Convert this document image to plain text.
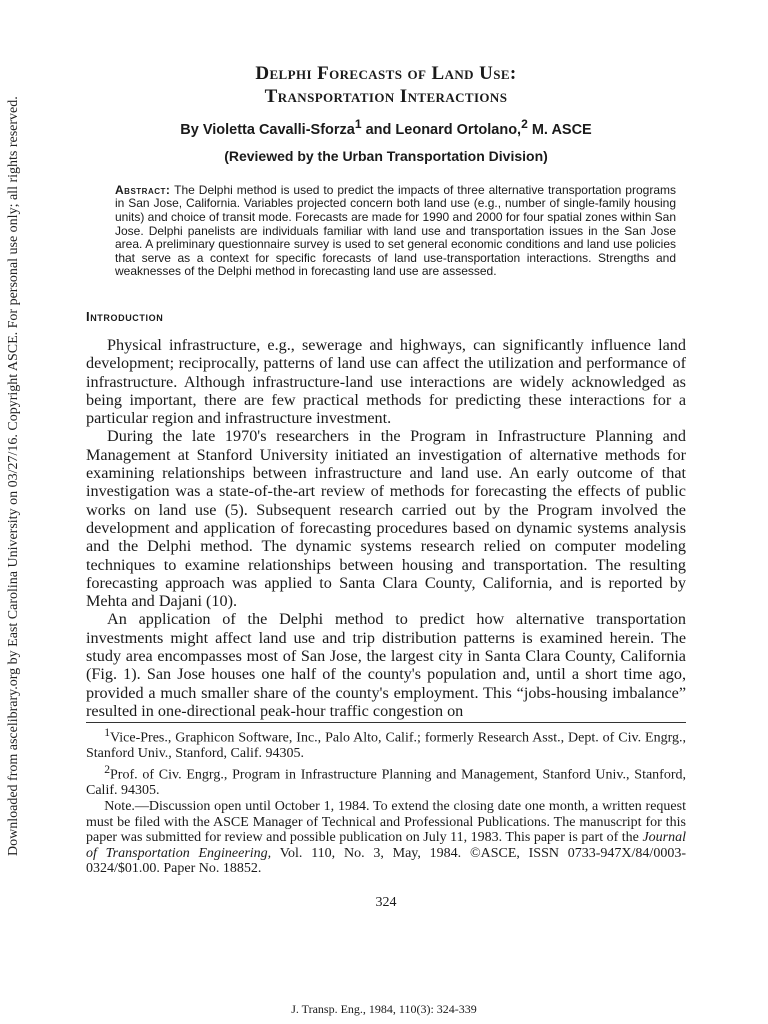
Downloaded from ascelibrary.org by East Carolina University on 03/27/16. Copyright ASCE. For personal use only; all rights reserved.
Delphi Forecasts of Land Use:
Transportation Interactions
By Violetta Cavalli-Sforza$^1$ and Leonard Ortolano,$^2$ M. ASCE
(Reviewed by the Urban Transportation Division)
Abstract: The Delphi method is used to predict the impacts of three alternative transportation programs in San Jose, California. Variables projected concern both land use (e.g., number of single-family housing units) and choice of transit mode. Forecasts are made for 1990 and 2000 for four spatial zones within San Jose. Delphi panelists are individuals familiar with land use and transportation issues in the San Jose area. A preliminary questionnaire survey is used to set general economic conditions and land use policies that serve as a context for specific forecasts of land use-transportation interactions. Strengths and weaknesses of the Delphi method in forecasting land use are assessed.
Introduction

Physical infrastructure, e.g., sewerage and highways, can significantly influence land development; reciprocally, patterns of land use can affect the utilization and performance of infrastructure. Although infrastructure-land use interactions are widely acknowledged as being important, there are few practical methods for predicting these interactions for a particular region and infrastructure investment.

During the late 1970's researchers in the Program in Infrastructure Planning and Management at Stanford University initiated an investigation of alternative methods for examining relationships between infrastructure and land use. An early outcome of that investigation was a state-of-the-art review of methods for forecasting the effects of public works on land use (5). Subsequent research carried out by the Program involved the development and application of forecasting procedures based on dynamic systems analysis and the Delphi method. The dynamic systems research relied on computer modeling techniques to examine relationships between housing and transportation. The resulting forecasting approach was applied to Santa Clara County, California, and is reported by Mehta and Dajani (10).

An application of the Delphi method to predict how alternative transportation investments might affect land use and trip distribution patterns is examined herein. The study area encompasses most of San Jose, the largest city in Santa Clara County, California (Fig. 1). San Jose houses one half of the county's population and, until a short time ago, provided a much smaller share of the county's employment. This “jobs-housing imbalance” resulted in one-directional peak-hour traffic congestion on

$^1$Vice-Pres., Graphicon Software, Inc., Palo Alto, Calif.; formerly Research Asst., Dept. of Civ. Engrg., Stanford Univ., Stanford, Calif. 94305.

$^2$Prof. of Civ. Engrg., Program in Infrastructure Planning and Management, Stanford Univ., Stanford, Calif. 94305.

Note.—Discussion open until October 1, 1984. To extend the closing date one month, a written request must be filed with the ASCE Manager of Technical and Professional Publications. The manuscript for this paper was submitted for review and possible publication on July 11, 1983. This paper is part of the Journal of Transportation Engineering, Vol. 110, No. 3, May, 1984. ©ASCE, ISSN 0733-947X/84/0003-0324/$01.00. Paper No. 18852.

324
J. Transp. Eng., 1984, 110(3): 324-339
